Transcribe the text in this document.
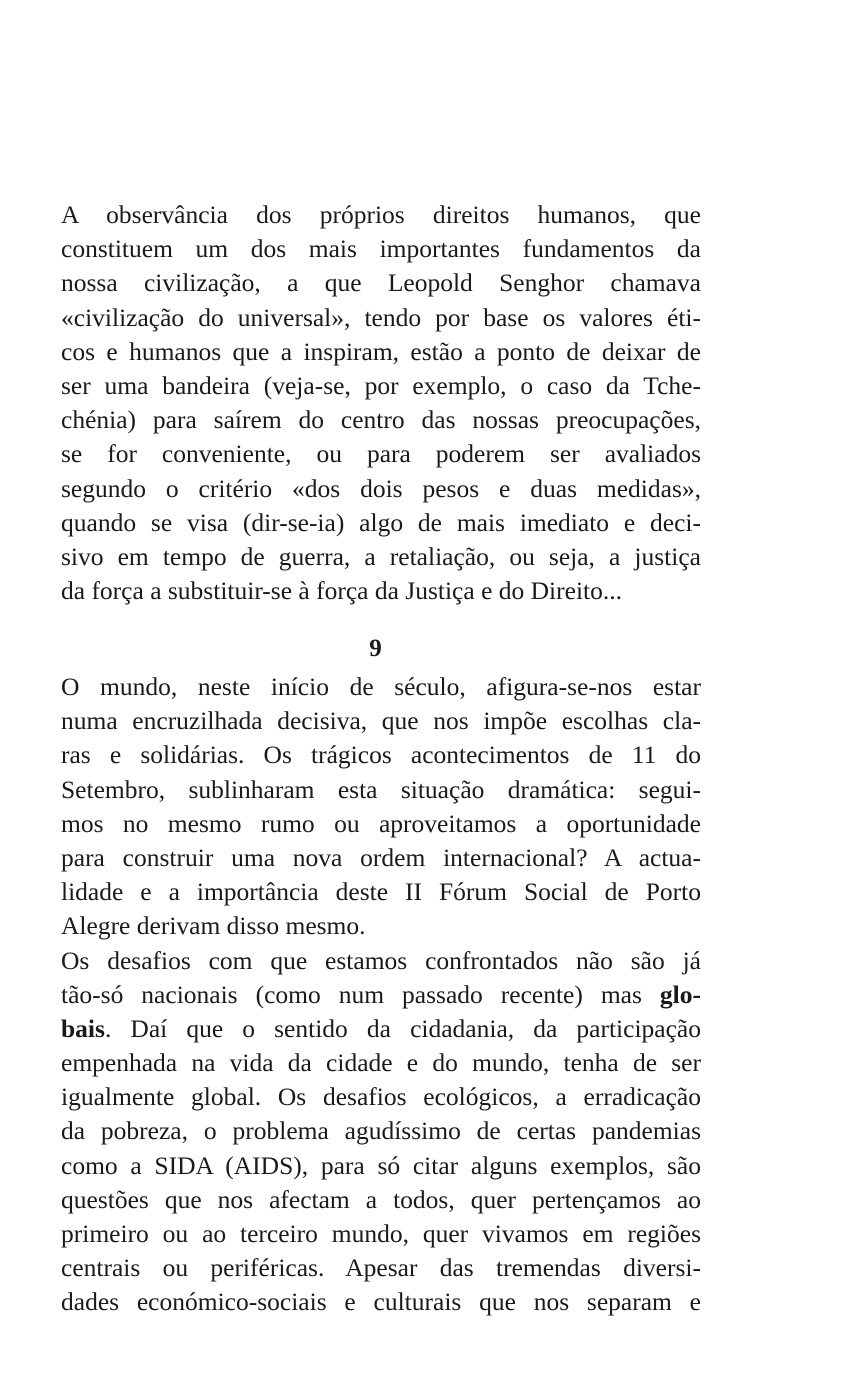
A observância dos próprios direitos humanos, que
constituem um dos mais importantes fundamentos da
nossa civilização, a que Leopold Senghor chamava
«civilização do universal», tendo por base os valores éti-
cos e humanos que a inspiram, estão a ponto de deixar de
ser uma bandeira (veja-se, por exemplo, o caso da Tche-
chénia) para saírem do centro das nossas preocupações,
se for conveniente, ou para poderem ser avaliados
segundo o critério «dos dois pesos e duas medidas»,
quando se visa (dir-se-ia) algo de mais imediato e deci-
sivo em tempo de guerra, a retaliação, ou seja, a justiça
da força a substituir-se à força da Justiça e do Direito...
9
O mundo, neste início de século, afigura-se-nos estar
numa encruzilhada decisiva, que nos impõe escolhas cla-
ras e solidárias. Os trágicos acontecimentos de 11 do
Setembro, sublinharam esta situação dramática: segui-
mos no mesmo rumo ou aproveitamos a oportunidade
para construir uma nova ordem internacional? A actua-
lidade e a importância deste II Fórum Social de Porto
Alegre derivam disso mesmo.
Os desafios com que estamos confrontados não são já
tão-só nacionais (como num passado recente) mas glo-
bais. Daí que o sentido da cidadania, da participação
empenhada na vida da cidade e do mundo, tenha de ser
igualmente global. Os desafios ecológicos, a erradicação
da pobreza, o problema agudíssimo de certas pandemias
como a SIDA (AIDS), para só citar alguns exemplos, são
questões que nos afectam a todos, quer pertençamos ao
primeiro ou ao terceiro mundo, quer vivamos em regiões
centrais ou periféricas. Apesar das tremendas diversi-
dades económico-sociais e culturais que nos separam e
